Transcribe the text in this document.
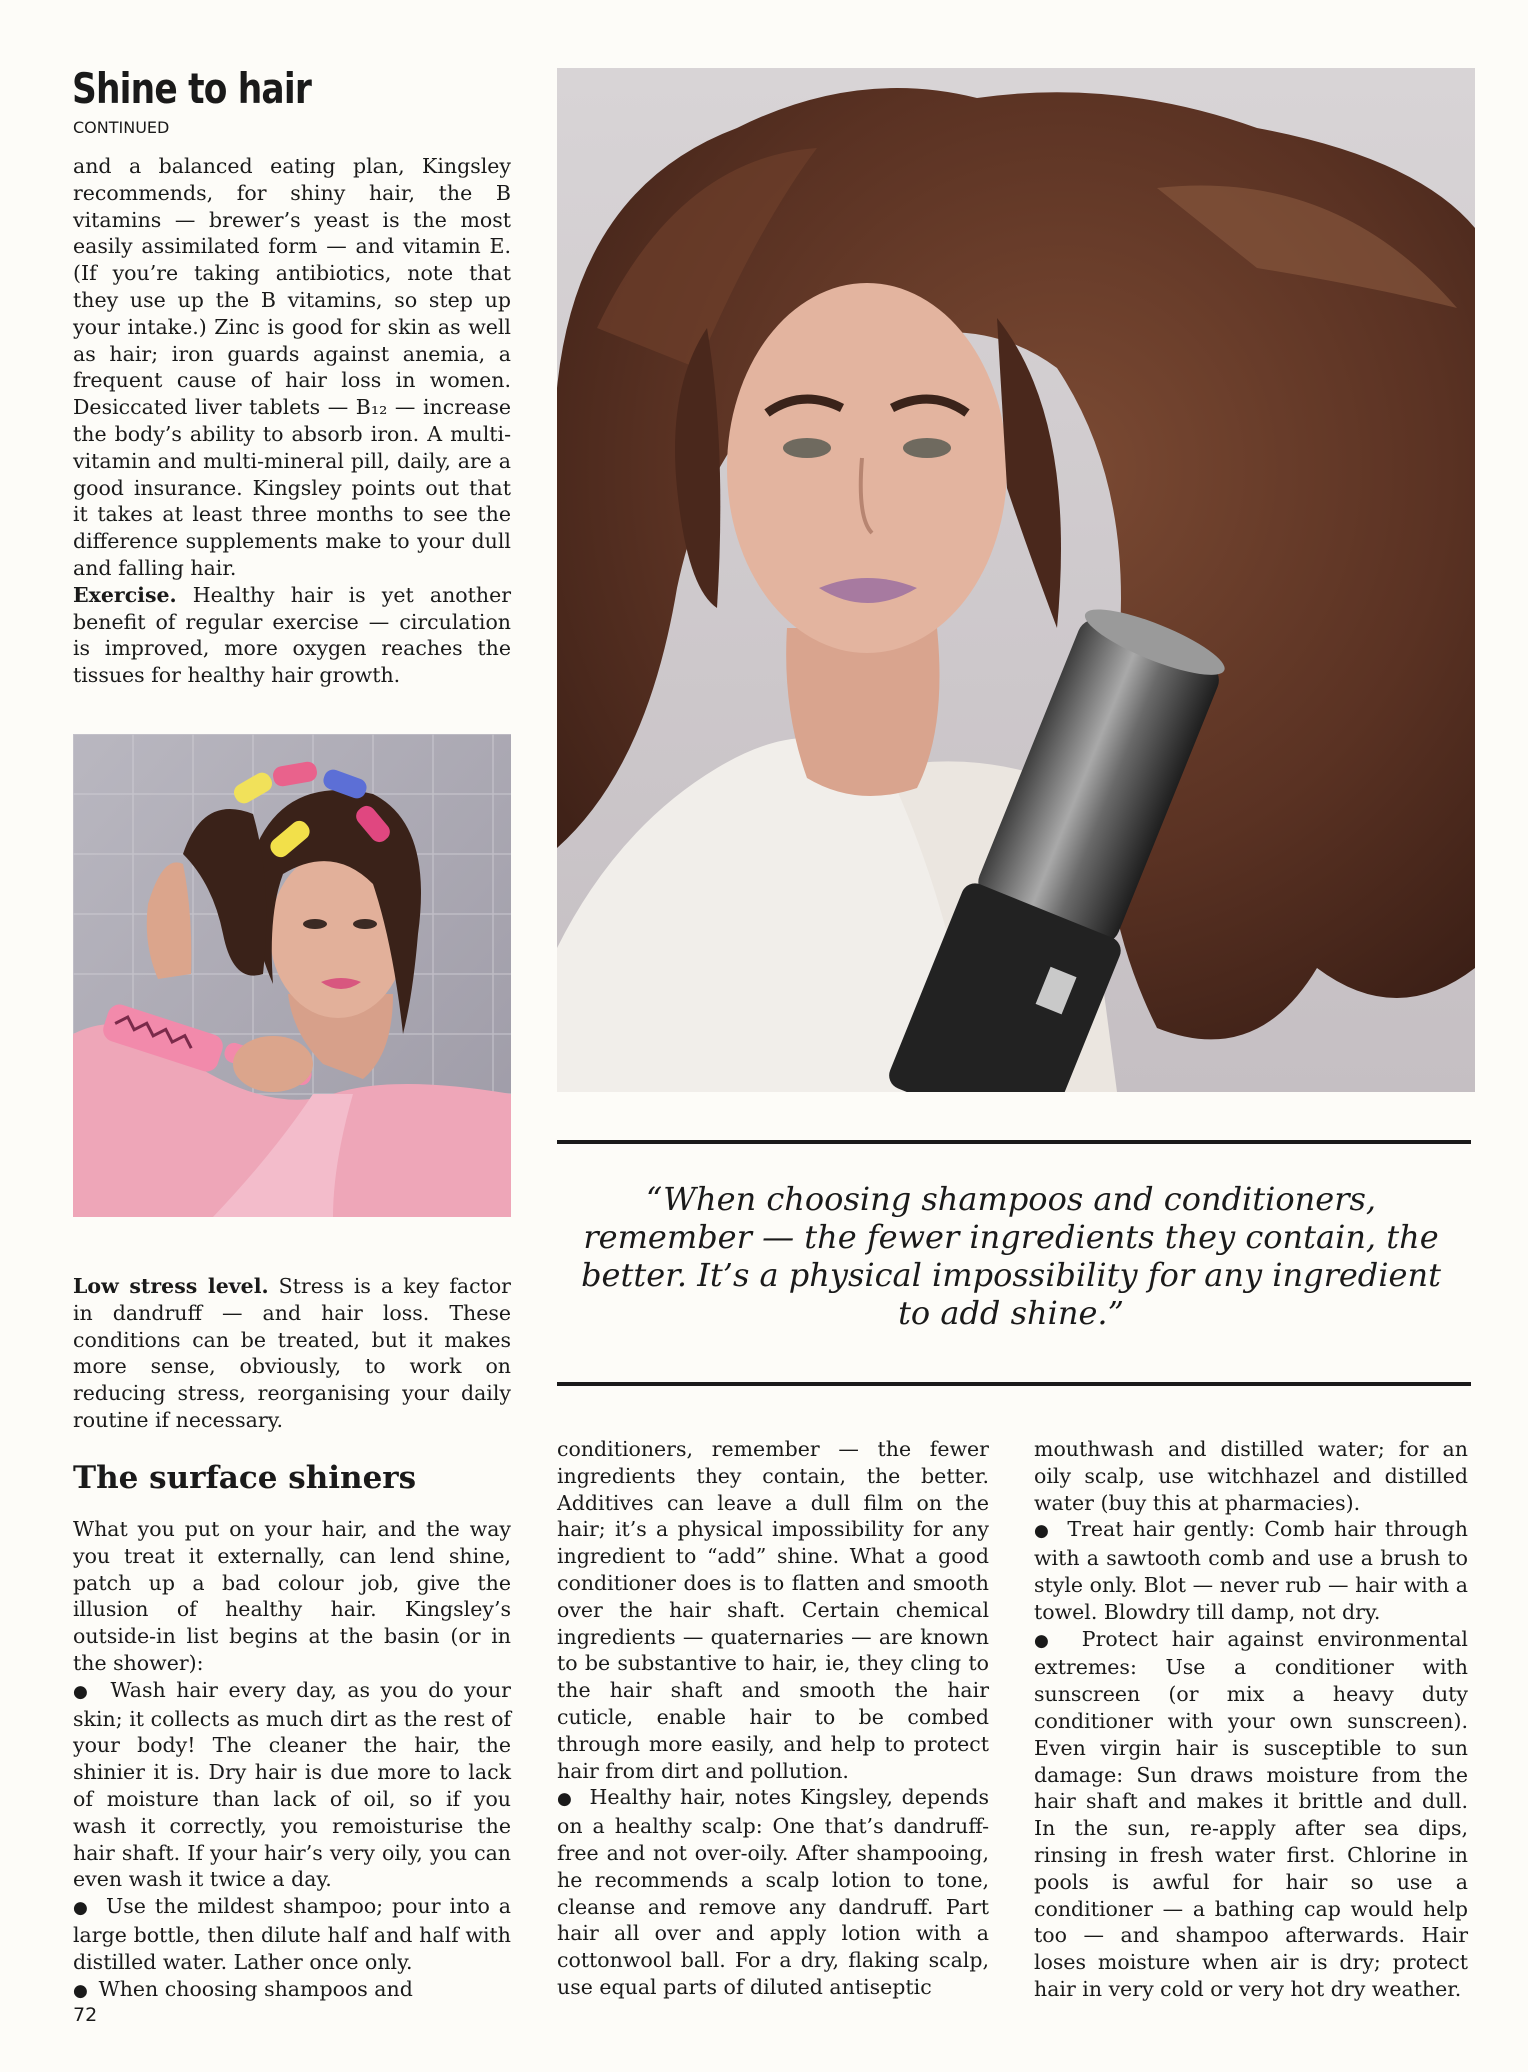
Shine to hair
CONTINUED

and a balanced eating plan, Kingsley recommends, for shiny hair, the B vitamins — brewer’s yeast is the most easily assimilated form — and vitamin E. (If you’re taking antibiotics, note that they use up the B vitamins, so step up your intake.) Zinc is good for skin as well as hair; iron guards against anemia, a frequent cause of hair loss in women. Desiccated liver tablets — B₁₂ — increase the body’s ability to absorb iron. A multi-vitamin and multi-mineral pill, daily, are a good insurance. Kingsley points out that it takes at least three months to see the difference supplements make to your dull and falling hair.

Exercise. Healthy hair is yet another benefit of regular exercise — circulation is improved, more oxygen reaches the tissues for healthy hair growth.

Low stress level. Stress is a key factor in dandruff — and hair loss. These conditions can be treated, but it makes more sense, obviously, to work on reducing stress, reorganising your daily routine if necessary.

“When choosing shampoos and conditioners, remember — the fewer ingredients they contain, the better. It’s a physical impossibility for any ingredient to add shine.”
The surface shiners

What you put on your hair, and the way you treat it externally, can lend shine, patch up a bad colour job, give the illusion of healthy hair. Kingsley’s outside-in list begins at the basin (or in the shower):

●  Wash hair every day, as you do your skin; it collects as much dirt as the rest of your body! The cleaner the hair, the shinier it is. Dry hair is due more to lack of moisture than lack of oil, so if you wash it correctly, you remoisturise the hair shaft. If your hair’s very oily, you can even wash it twice a day.

●  Use the mildest shampoo; pour into a large bottle, then dilute half and half with distilled water. Lather once only.

●  When choosing shampoos and

conditioners, remember — the fewer ingredients they contain, the better. Additives can leave a dull film on the hair; it’s a physical impossibility for any ingredient to “add” shine. What a good conditioner does is to flatten and smooth over the hair shaft. Certain chemical ingredients — quaternaries — are known to be substantive to hair, ie, they cling to the hair shaft and smooth the hair cuticle, enable hair to be combed through more easily, and help to protect hair from dirt and pollution.

●  Healthy hair, notes Kingsley, depends on a healthy scalp: One that’s dandruff-free and not over-oily. After shampooing, he recommends a scalp lotion to tone, cleanse and remove any dandruff. Part hair all over and apply lotion with a cottonwool ball. For a dry, flaking scalp, use equal parts of diluted antiseptic

mouthwash and distilled water; for an oily scalp, use witchhazel and distilled water (buy this at pharmacies).

●  Treat hair gently: Comb hair through with a sawtooth comb and use a brush to style only. Blot — never rub — hair with a towel. Blowdry till damp, not dry.

●  Protect hair against environmental extremes: Use a conditioner with sunscreen (or mix a heavy duty conditioner with your own sunscreen). Even virgin hair is susceptible to sun damage: Sun draws moisture from the hair shaft and makes it brittle and dull. In the sun, re-apply after sea dips, rinsing in fresh water first. Chlorine in pools is awful for hair so use a conditioner — a bathing cap would help too — and shampoo afterwards. Hair loses moisture when air is dry; protect hair in very cold or very hot dry weather.

72
